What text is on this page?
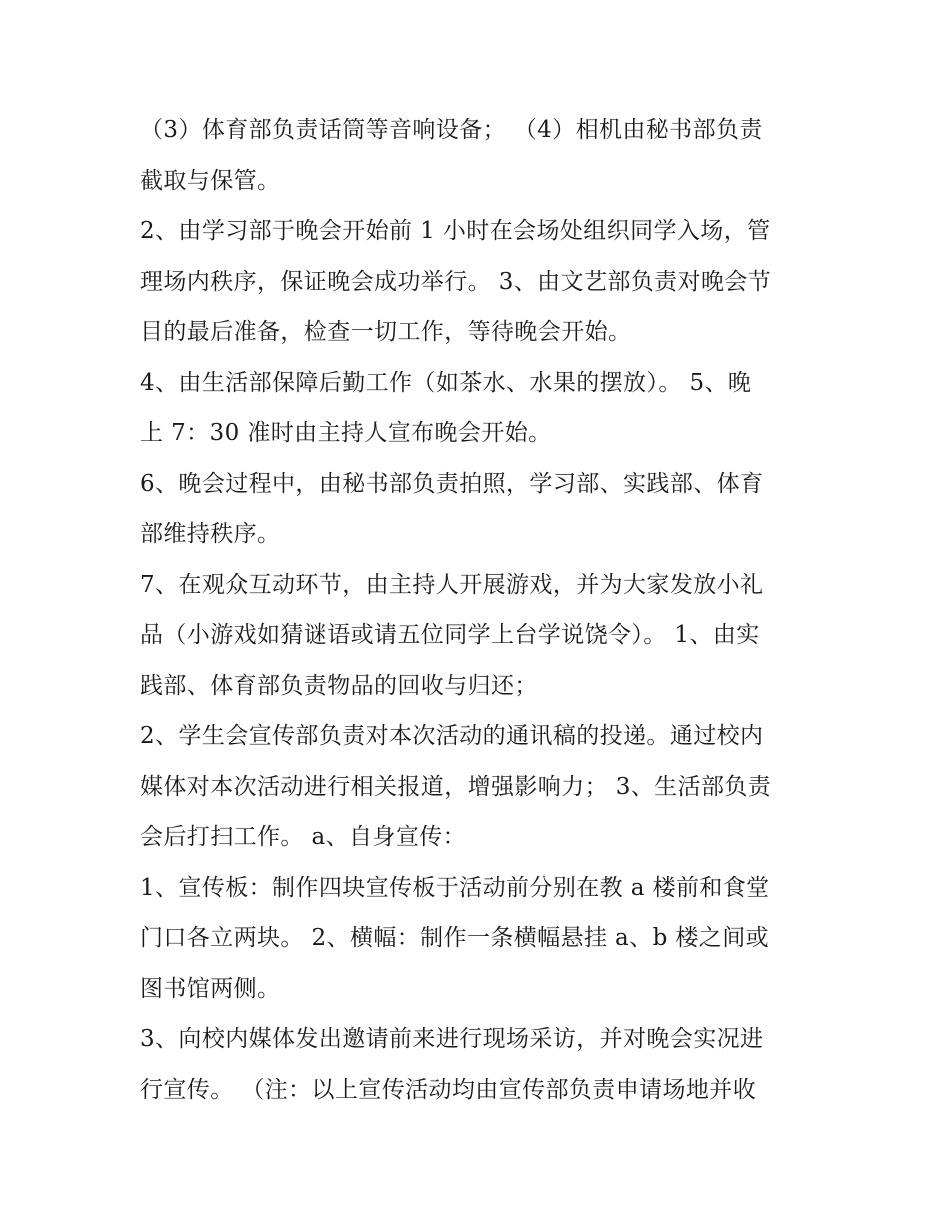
（3）体育部负责话筒等音响设备； （4）相机由秘书部负责
截取与保管。
2、由学习部于晚会开始前 1 小时在会场处组织同学入场，管
理场内秩序，保证晚会成功举行。 3、由文艺部负责对晚会节
目的最后准备，检查一切工作，等待晚会开始。
4、由生活部保障后勤工作（如茶水、水果的摆放）。 5、晚
上 7：30 准时由主持人宣布晚会开始。
6、晚会过程中，由秘书部负责拍照，学习部、实践部、体育
部维持秩序。
7、在观众互动环节，由主持人开展游戏，并为大家发放小礼
品（小游戏如猜谜语或请五位同学上台学说饶令）。 1、由实
践部、体育部负责物品的回收与归还；
2、学生会宣传部负责对本次活动的通讯稿的投递。通过校内
媒体对本次活动进行相关报道，增强影响力； 3、生活部负责
会后打扫工作。 a、自身宣传：
1、宣传板：制作四块宣传板于活动前分别在教 a 楼前和食堂
门口各立两块。 2、横幅：制作一条横幅悬挂 a、b 楼之间或
图书馆两侧。
3、向校内媒体发出邀请前来进行现场采访，并对晚会实况进
行宣传。 （注：以上宣传活动均由宣传部负责申请场地并收
